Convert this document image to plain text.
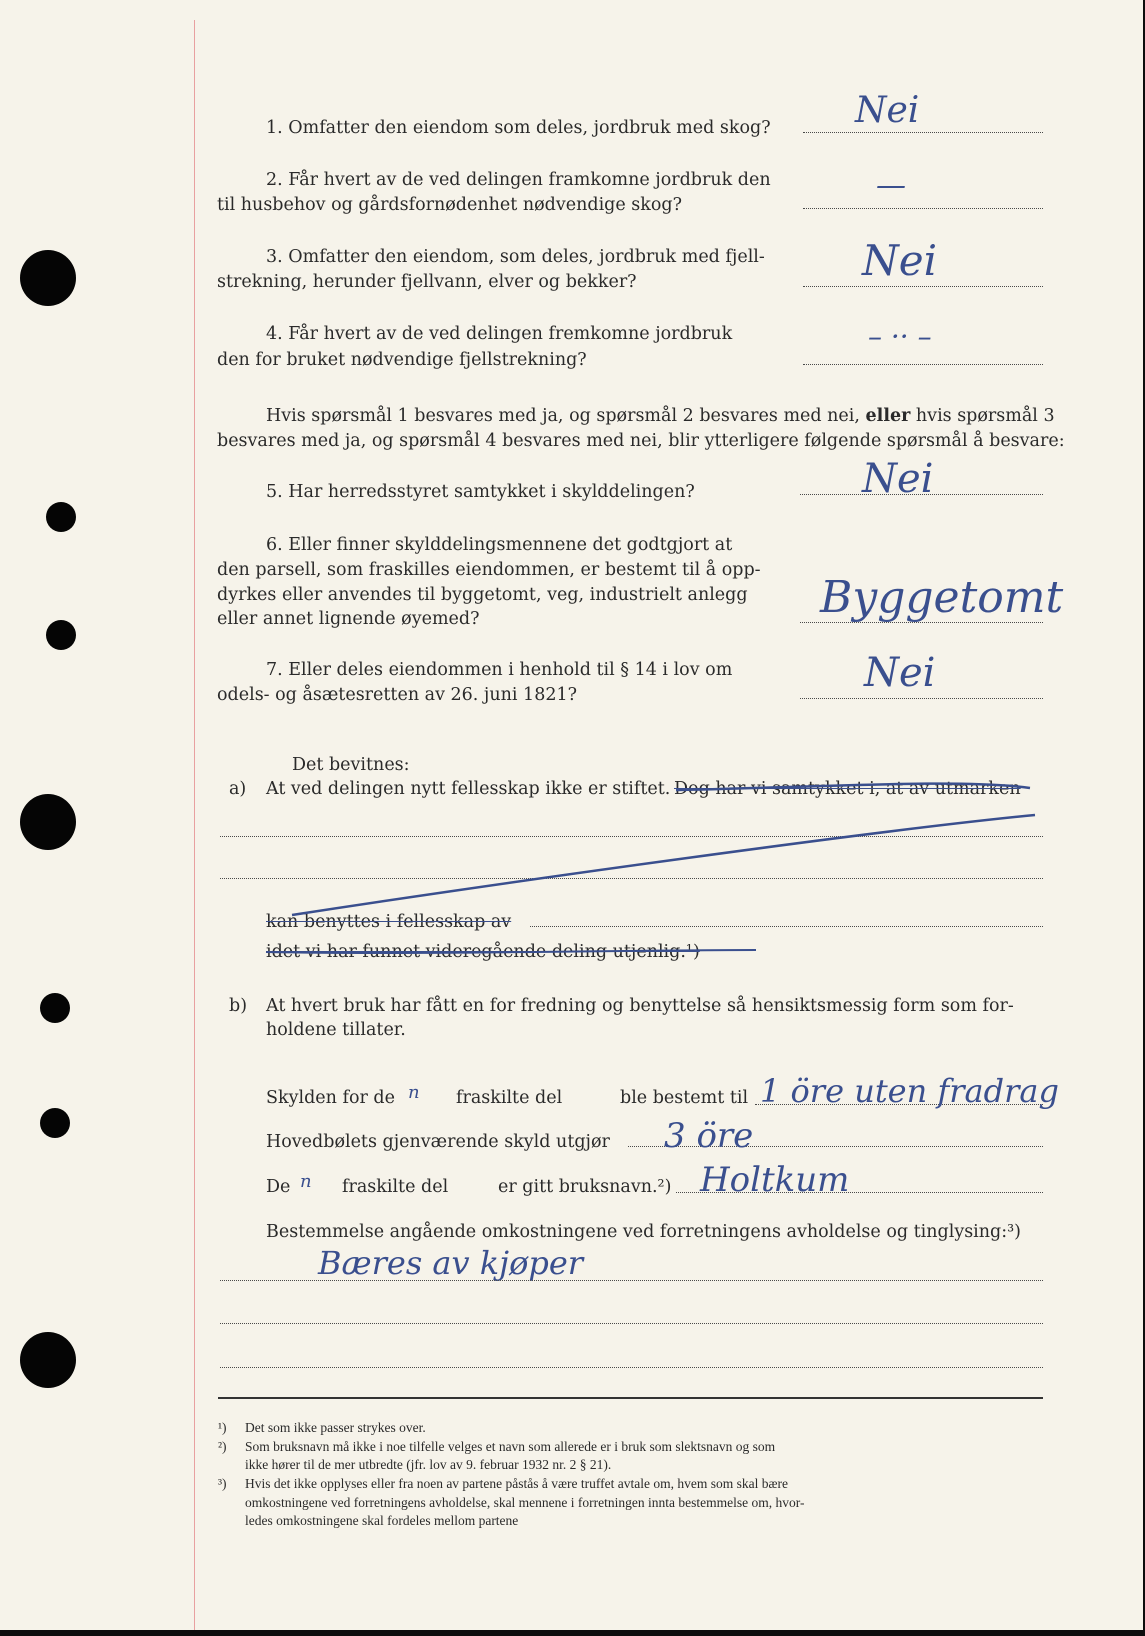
1. Omfatter den eiendom som deles, jordbruk med skog? Nei
2. Får hvert av de ved delingen framkomne jordbruk den
til husbehov og gårdsfornødenhet nødvendige skog?
—
3. Omfatter den eiendom, som deles, jordbruk med fjell-
strekning, herunder fjellvann, elver og bekker?	Nei
4. Får hvert av de ved delingen fremkomne jordbruk
den for bruket nødvendige fjellstrekning?
– ·· –
Hvis spørsmål 1 besvares med ja, og spørsmål 2 besvares med nei, eller hvis spørsmål 3
besvares med ja, og spørsmål 4 besvares med nei, blir ytterligere følgende spørsmål å besvare:
5. Har herredsstyret samtykket i skylddelingen?	Nei
6. Eller finner skylddelingsmennene det godtgjort at
den parsell, som fraskilles eiendommen, er bestemt til å opp-
dyrkes eller anvendes til byggetomt, veg, industrielt anlegg
eller annet lignende øyemed?	Byggetomt
7. Eller deles eiendommen i henhold til § 14 i lov om
odels- og åsætesretten av 26. juni 1821?	Nei
Det bevitnes:
a) At ved delingen nytt fellesskap ikke er stiftet. Dog har vi samtykket i, at av utmarken
kan benyttes i fellesskap av
idet vi har funnet videregående deling utjenlig.¹)
b) At hvert bruk har fått en for fredning og benyttelse så hensiktsmessig form som for-
holdene tillater.
Skylden for de n fraskilte del	ble bestemt til 1 öre uten fradrag
Hovedbølets gjenværende skyld utgjør 3 öre
De n fraskilte del	er gitt bruksnavn.²) Holtkum
Bestemmelse angående omkostningene ved forretningens avholdelse og tinglysing:³)
Bæres av kjøper
¹) Det som ikke passer strykes over.
²) Som bruksnavn må ikke i noe tilfelle velges et navn som allerede er i bruk som slektsnavn og som
ikke hører til de mer utbredte (jfr. lov av 9. februar 1932 nr. 2 § 21).
³) Hvis det ikke opplyses eller fra noen av partene påstås å være truffet avtale om, hvem som skal bære
omkostningene ved forretningens avholdelse, skal mennene i forretningen innta bestemmelse om, hvor-
ledes omkostningene skal fordeles mellom partene
